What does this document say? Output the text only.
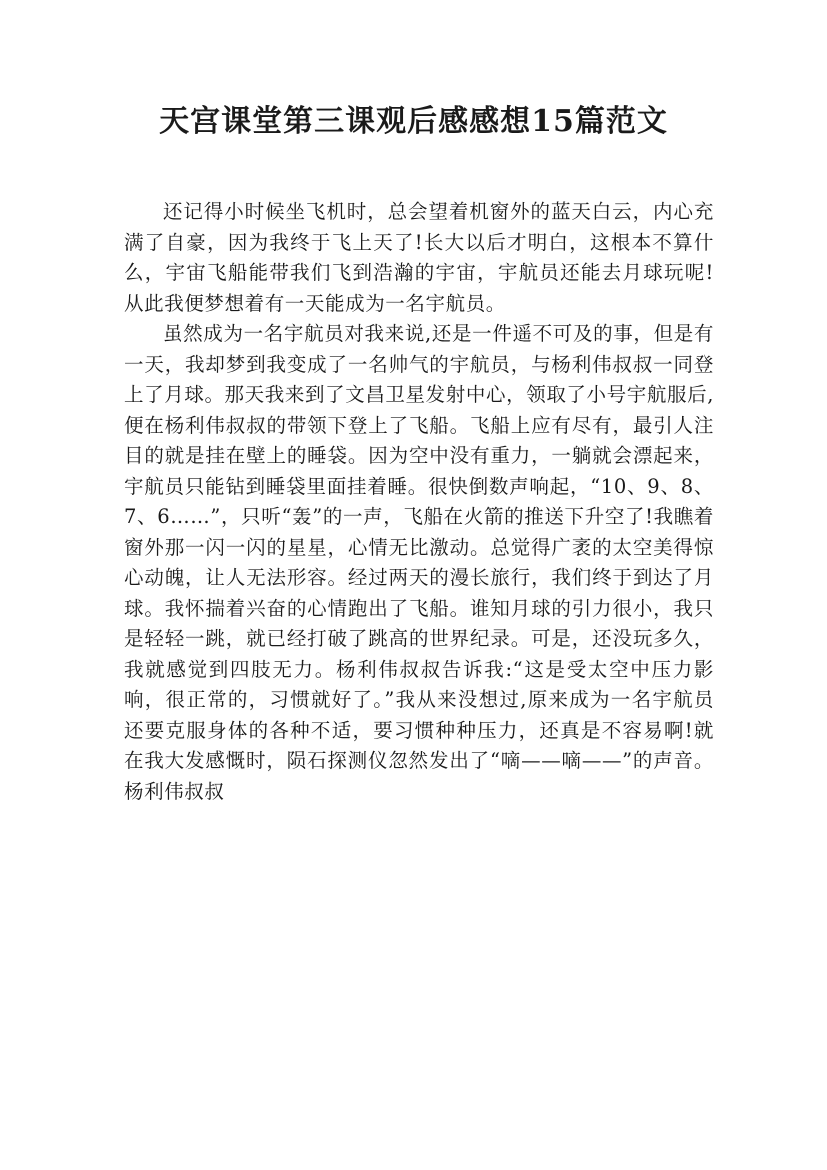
天宫课堂第三课观后感感想15篇范文

还记得小时候坐飞机时，总会望着机窗外的蓝天白云，内心充满了自豪，因为我终于飞上天了!长大以后才明白，这根本不算什么，宇宙飞船能带我们飞到浩瀚的宇宙，宇航员还能去月球玩呢!从此我便梦想着有一天能成为一名宇航员。

虽然成为一名宇航员对我来说,还是一件遥不可及的事，但是有一天，我却梦到我变成了一名帅气的宇航员，与杨利伟叔叔一同登上了月球。那天我来到了文昌卫星发射中心，领取了小号宇航服后,便在杨利伟叔叔的带领下登上了飞船。飞船上应有尽有，最引人注目的就是挂在壁上的睡袋。因为空中没有重力，一躺就会漂起来，宇航员只能钻到睡袋里面挂着睡。很快倒数声响起，“10、9、8、7、6……”，只听“轰”的一声，飞船在火箭的推送下升空了!我瞧着窗外那一闪一闪的星星，心情无比激动。总觉得广袤的太空美得惊心动魄，让人无法形容。经过两天的漫长旅行，我们终于到达了月球。我怀揣着兴奋的心情跑出了飞船。谁知月球的引力很小，我只是轻轻一跳，就已经打破了跳高的世界纪录。可是，还没玩多久，我就感觉到四肢无力。杨利伟叔叔告诉我:“这是受太空中压力影响，很正常的，习惯就好了。”我从来没想过,原来成为一名宇航员还要克服身体的各种不适，要习惯种种压力，还真是不容易啊!就在我大发感慨时，陨石探测仪忽然发出了“嘀——嘀——”的声音。杨利伟叔叔
